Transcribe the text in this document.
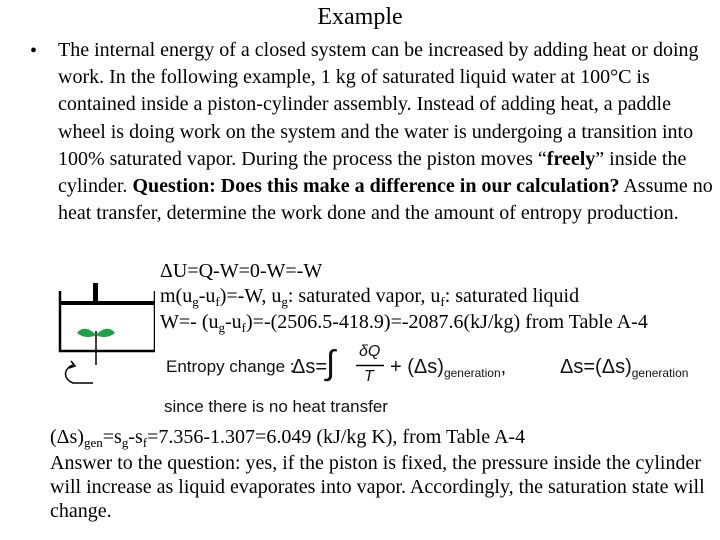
Example
• The internal energy of a closed system can be increased by adding heat or doing work. In the following example, 1 kg of saturated liquid water at 100°C is contained inside a piston-cylinder assembly. Instead of adding heat, a paddle wheel is doing work on the system and the water is undergoing a transition into 100% saturated vapor. During the process the piston moves “freely” inside the cylinder. Question: Does this make a difference in our calculation? Assume no heat transfer, determine the work done and the amount of entropy production.
ΔU=Q-W=0-W=-W
$m(u_g-u_f)=-W$, $u_g$: saturated vapor, $u_f$: saturated liquid
W=- $(u_g-u_f)=-(2506.5-418.9)=-2087.6(kJ/kg)$ from Table A-4
Entropy change :
Δs=
∫ δQ
$T + (\Delta s)_{generation}$,	$\Delta s=(\Delta s)_{generation}$
since there is no heat transfer
$(\Delta s)_{gen}=s_g-s_f=7.356-1.307=6.049$ (kJ/kg K), from Table A-4
Answer to the question: yes, if the piston is fixed, the pressure inside the cylinder will increase as liquid evaporates into vapor. Accordingly, the saturation state will change.
